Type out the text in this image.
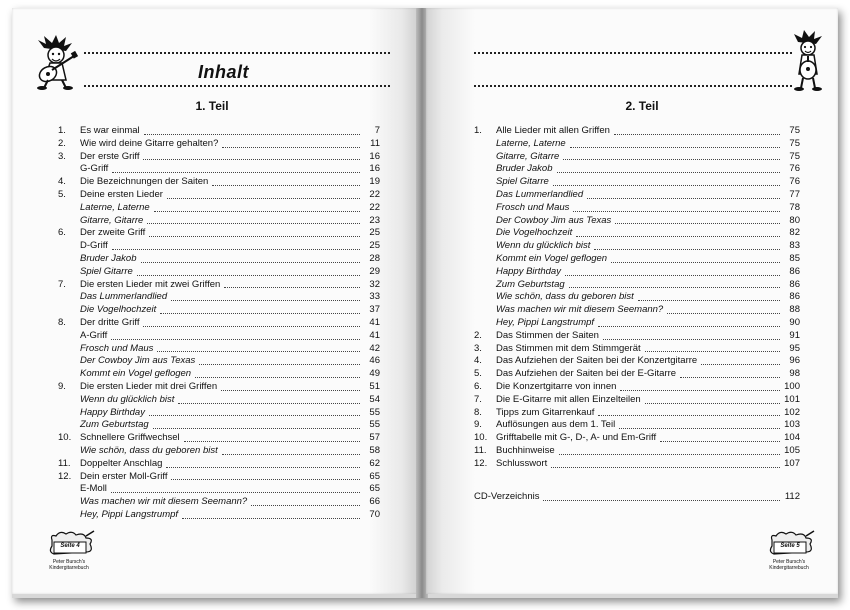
Inhalt
1. Teil
1.	Es war einmal	7
2.	Wie wird deine Gitarre gehalten?	11
3.	Der erste Griff	16
G-Griff	16
4.	Die Bezeichnungen der Saiten	19
5.	Deine ersten Lieder	22
Laterne, Laterne	22
Gitarre, Gitarre	23
6.	Der zweite Griff	25
D-Griff	25
Bruder Jakob	28
Spiel Gitarre	29
7.	Die ersten Lieder mit zwei Griffen	32
Das Lummerlandlied	33
Die Vogelhochzeit	37
8.	Der dritte Griff	41
A-Griff	41
Frosch und Maus	42
Der Cowboy Jim aus Texas	46
Kommt ein Vogel geflogen	49
9.	Die ersten Lieder mit drei Griffen	51
Wenn du glücklich bist	54
Happy Birthday	55
Zum Geburtstag	55
10. Schnellere Griffwechsel	57
Wie schön, dass du geboren bist	58
11. Doppelter Anschlag	62
12. Dein erster Moll-Griff	65
E-Moll	65
Was machen wir mit diesem Seemann?	66
Hey, Pippi Langstrumpf	70
Seite 4
Peter Bursch's
Kindergitarrebuch
2. Teil
1.	Alle Lieder mit allen Griffen	75
Laterne, Laterne	75
Gitarre, Gitarre	75
Bruder Jakob	76
Spiel Gitarre	76
Das Lummerlandlied	77
Frosch und Maus	78
Der Cowboy Jim aus Texas	80
Die Vogelhochzeit	82
Wenn du glücklich bist	83
Kommt ein Vogel geflogen	85
Happy Birthday	86
Zum Geburtstag	86
Wie schön, dass du geboren bist	86
Was machen wir mit diesem Seemann?	88
Hey, Pippi Langstrumpf	90
2.	Das Stimmen der Saiten	91
3.	Das Stimmen mit dem Stimmgerät	95
4.	Das Aufziehen der Saiten bei der Konzertgitarre	96
5.	Das Aufziehen der Saiten bei der E-Gitarre	98
6.	Die Konzertgitarre von innen	100
7.	Die E-Gitarre mit allen Einzelteilen	101
8.	Tipps zum Gitarrenkauf	102
9.	Auflösungen aus dem 1. Teil	103
10. Grifftabelle mit G-, D-, A- und Em-Griff	104
11. Buchhinweise	105
12. Schlusswort	107
CD-Verzeichnis	112
Seite 5
Peter Bursch's
Kindergitarrebuch
